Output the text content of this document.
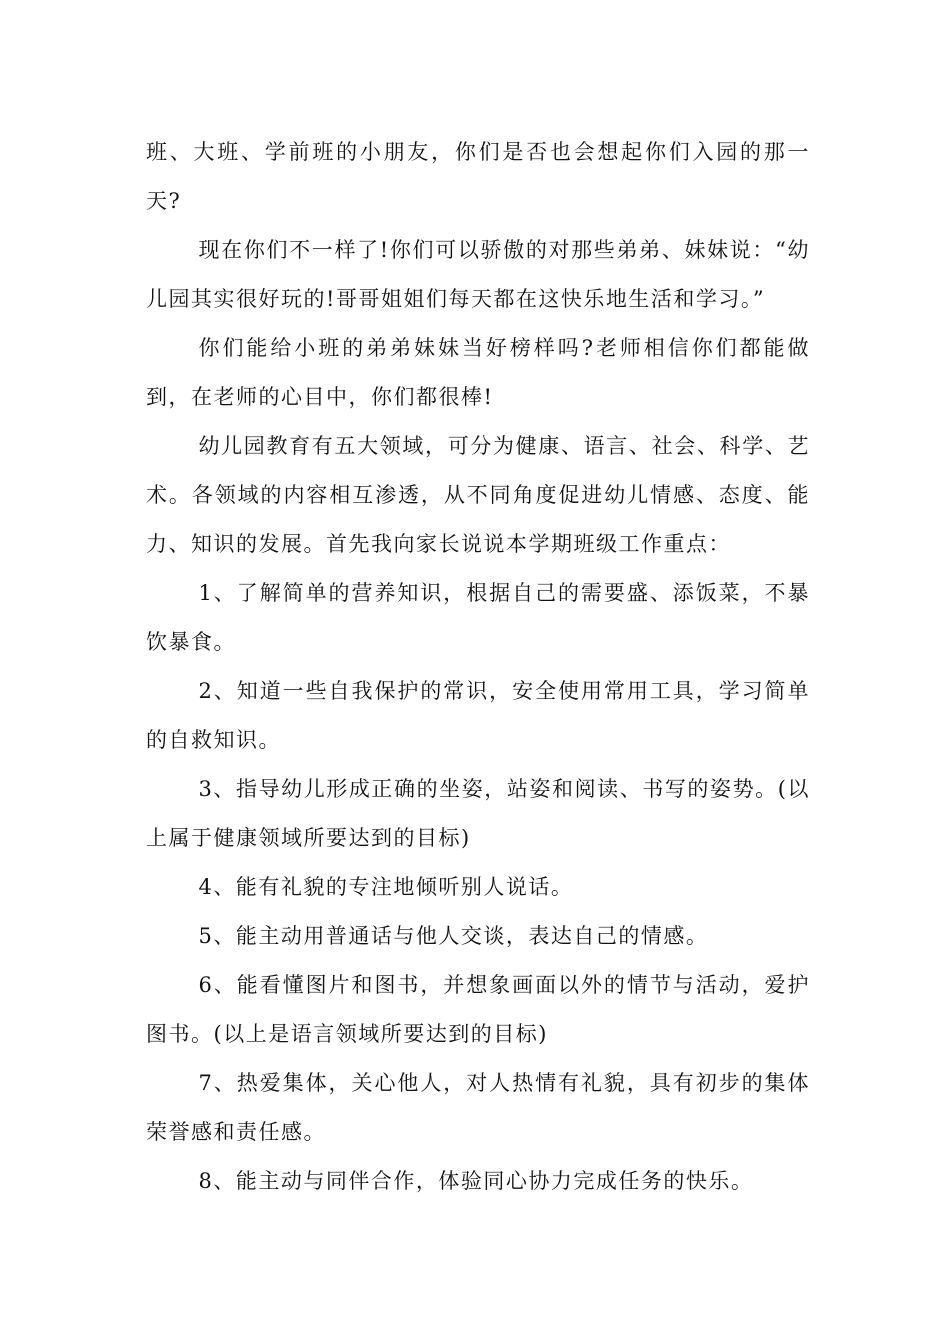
班、大班、学前班的小朋友，你们是否也会想起你们入园的那一天?

现在你们不一样了!你们可以骄傲的对那些弟弟、妹妹说：“幼儿园其实很好玩的!哥哥姐姐们每天都在这快乐地生活和学习。”

你们能给小班的弟弟妹妹当好榜样吗?老师相信你们都能做到，在老师的心目中，你们都很棒!

幼儿园教育有五大领域，可分为健康、语言、社会、科学、艺术。各领域的内容相互渗透，从不同角度促进幼儿情感、态度、能力、知识的发展。首先我向家长说说本学期班级工作重点：

1、了解简单的营养知识，根据自己的需要盛、添饭菜，不暴饮暴食。

2、知道一些自我保护的常识，安全使用常用工具，学习简单的自救知识。

3、指导幼儿形成正确的坐姿，站姿和阅读、书写的姿势。(以上属于健康领域所要达到的目标)

4、能有礼貌的专注地倾听别人说话。

5、能主动用普通话与他人交谈，表达自己的情感。

6、能看懂图片和图书，并想象画面以外的情节与活动，爱护图书。(以上是语言领域所要达到的目标)

7、热爱集体，关心他人，对人热情有礼貌，具有初步的集体荣誉感和责任感。

8、能主动与同伴合作，体验同心协力完成任务的快乐。
